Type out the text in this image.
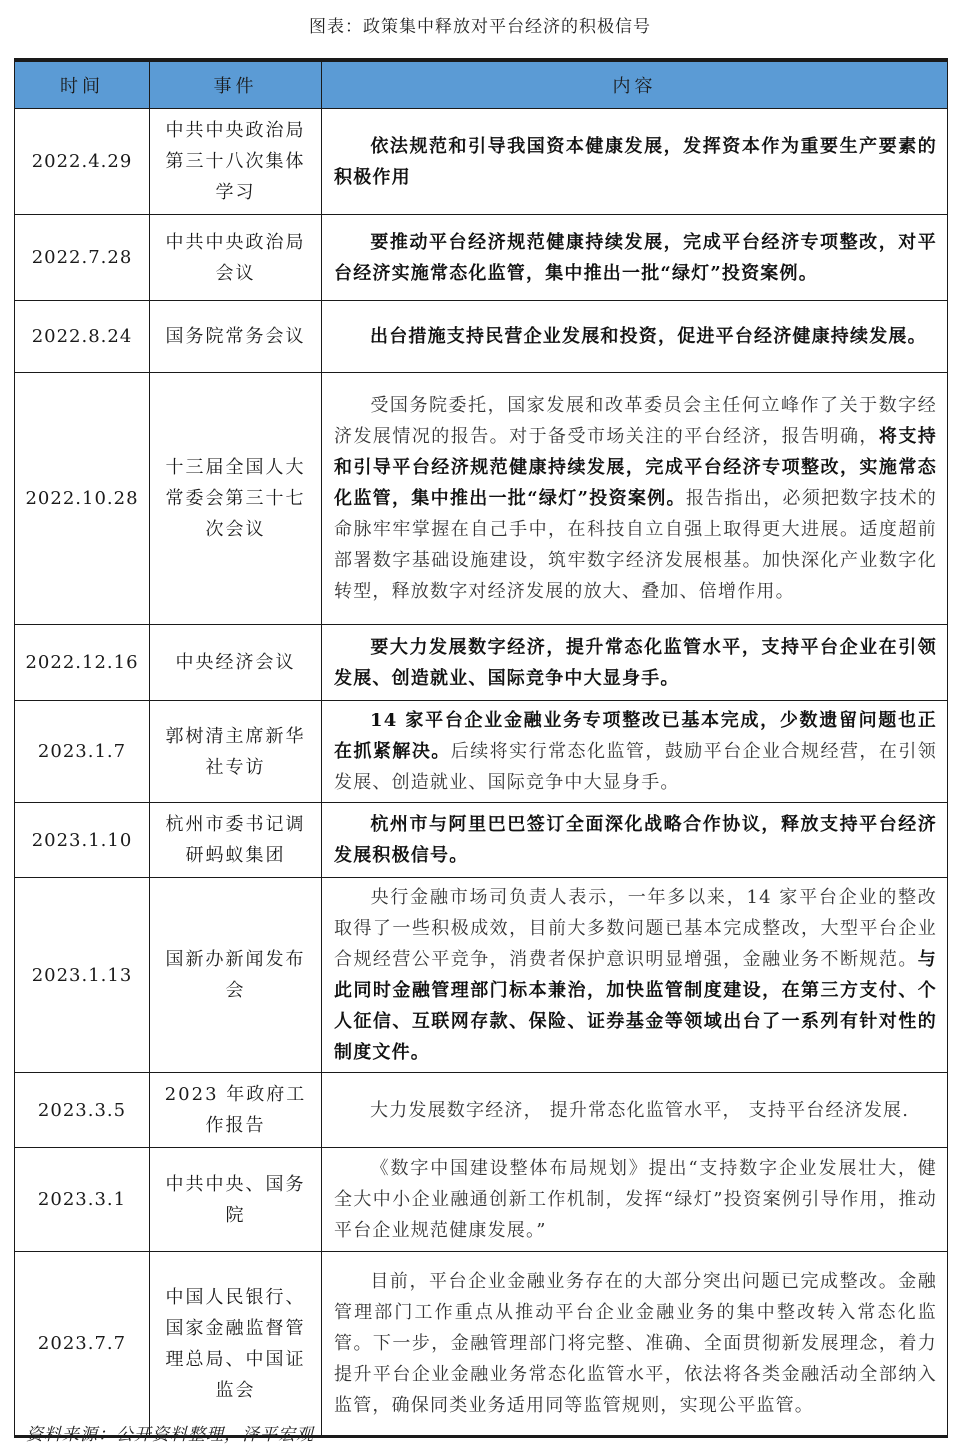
图表：政策集中释放对平台经济的积极信号
时间	事件	内容
2022.4.29	中共中央政治局第三十八次集体学习	依法规范和引导我国资本健康发展，发挥资本作为重要生产要素的积极作用
2022.7.28	中共中央政治局会议	要推动平台经济规范健康持续发展，完成平台经济专项整改，对平台经济实施常态化监管，集中推出一批“绿灯”投资案例。
2022.8.24	国务院常务会议	出台措施支持民营企业发展和投资，促进平台经济健康持续发展。
2022.10.28	十三届全国人大常委会第三十七次会议	受国务院委托，国家发展和改革委员会主任何立峰作了关于数字经济发展情况的报告。对于备受市场关注的平台经济，报告明确，将支持和引导平台经济规范健康持续发展，完成平台经济专项整改，实施常态化监管，集中推出一批“绿灯”投资案例。报告指出，必须把数字技术的命脉牢牢掌握在自己手中，在科技自立自强上取得更大进展。适度超前部署数字基础设施建设，筑牢数字经济发展根基。加快深化产业数字化转型，释放数字对经济发展的放大、叠加、倍增作用。
2022.12.16	中央经济会议	要大力发展数字经济，提升常态化监管水平，支持平台企业在引领发展、创造就业、国际竞争中大显身手。
2023.1.7	郭树清主席新华社专访	14 家平台企业金融业务专项整改已基本完成，少数遗留问题也正在抓紧解决。后续将实行常态化监管，鼓励平台企业合规经营，在引领发展、创造就业、国际竞争中大显身手。
2023.1.10	杭州市委书记调研蚂蚁集团	杭州市与阿里巴巴签订全面深化战略合作协议，释放支持平台经济发展积极信号。
2023.1.13	国新办新闻发布会	央行金融市场司负责人表示，一年多以来，14 家平台企业的整改取得了一些积极成效，目前大多数问题已基本完成整改，大型平台企业合规经营公平竞争，消费者保护意识明显增强，金融业务不断规范。与此同时金融管理部门标本兼治，加快监管制度建设，在第三方支付、个人征信、互联网存款、保险、证券基金等领域出台了一系列有针对性的制度文件。
2023.3.5	2023 年政府工作报告	大力发展数字经济， 提升常态化监管水平， 支持平台经济发展.
2023.3.1	中共中央、国务院	《数字中国建设整体布局规划》提出“支持数字企业发展壮大，健全大中小企业融通创新工作机制，发挥“绿灯”投资案例引导作用，推动平台企业规范健康发展。”
2023.7.7	中国人民银行、国家金融监督管理总局、中国证监会	目前，平台企业金融业务存在的大部分突出问题已完成整改。金融管理部门工作重点从推动平台企业金融业务的集中整改转入常态化监管。下一步，金融管理部门将完整、准确、全面贯彻新发展理念，着力提升平台企业金融业务常态化监管水平，依法将各类金融活动全部纳入监管，确保同类业务适用同等监管规则，实现公平监管。
资料来源：公开资料整理，泽平宏观
